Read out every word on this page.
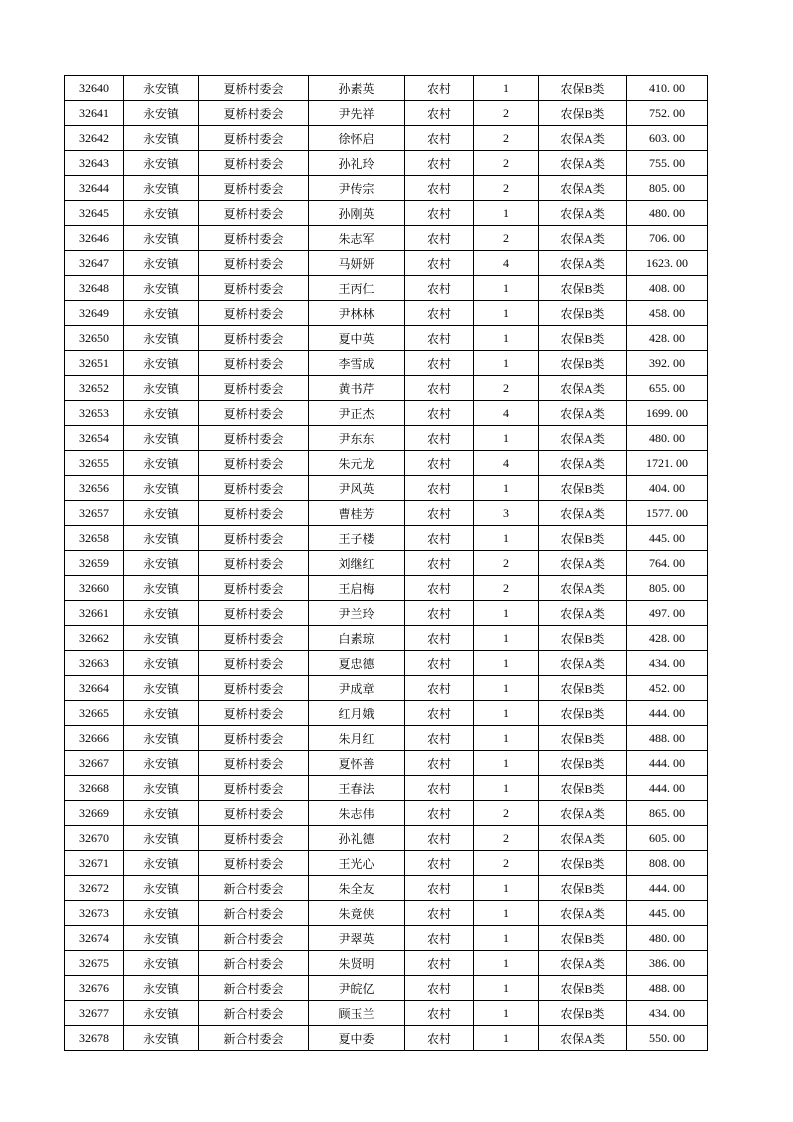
32640	永安镇	夏桥村委会	孙素英	农村	1	农保B类	410. 00
32641	永安镇	夏桥村委会	尹先祥	农村	2	农保B类	752. 00
32642	永安镇	夏桥村委会	徐怀启	农村	2	农保A类	603. 00
32643	永安镇	夏桥村委会	孙礼玲	农村	2	农保A类	755. 00
32644	永安镇	夏桥村委会	尹传宗	农村	2	农保A类	805. 00
32645	永安镇	夏桥村委会	孙刚英	农村	1	农保A类	480. 00
32646	永安镇	夏桥村委会	朱志军	农村	2	农保A类	706. 00
32647	永安镇	夏桥村委会	马妍妍	农村	4	农保A类	1623. 00
32648	永安镇	夏桥村委会	王丙仁	农村	1	农保B类	408. 00
32649	永安镇	夏桥村委会	尹林林	农村	1	农保B类	458. 00
32650	永安镇	夏桥村委会	夏中英	农村	1	农保B类	428. 00
32651	永安镇	夏桥村委会	李雪成	农村	1	农保B类	392. 00
32652	永安镇	夏桥村委会	黄书芹	农村	2	农保A类	655. 00
32653	永安镇	夏桥村委会	尹正杰	农村	4	农保A类	1699. 00
32654	永安镇	夏桥村委会	尹东东	农村	1	农保A类	480. 00
32655	永安镇	夏桥村委会	朱元龙	农村	4	农保A类	1721. 00
32656	永安镇	夏桥村委会	尹风英	农村	1	农保B类	404. 00
32657	永安镇	夏桥村委会	曹桂芳	农村	3	农保A类	1577. 00
32658	永安镇	夏桥村委会	王子楼	农村	1	农保B类	445. 00
32659	永安镇	夏桥村委会	刘继红	农村	2	农保A类	764. 00
32660	永安镇	夏桥村委会	王启梅	农村	2	农保A类	805. 00
32661	永安镇	夏桥村委会	尹兰玲	农村	1	农保A类	497. 00
32662	永安镇	夏桥村委会	白素琼	农村	1	农保B类	428. 00
32663	永安镇	夏桥村委会	夏忠德	农村	1	农保A类	434. 00
32664	永安镇	夏桥村委会	尹成章	农村	1	农保B类	452. 00
32665	永安镇	夏桥村委会	红月娥	农村	1	农保B类	444. 00
32666	永安镇	夏桥村委会	朱月红	农村	1	农保B类	488. 00
32667	永安镇	夏桥村委会	夏怀善	农村	1	农保B类	444. 00
32668	永安镇	夏桥村委会	王春法	农村	1	农保B类	444. 00
32669	永安镇	夏桥村委会	朱志伟	农村	2	农保A类	865. 00
32670	永安镇	夏桥村委会	孙礼德	农村	2	农保A类	605. 00
32671	永安镇	夏桥村委会	王光心	农村	2	农保B类	808. 00
32672	永安镇	新合村委会	朱全友	农村	1	农保B类	444. 00
32673	永安镇	新合村委会	朱竟侠	农村	1	农保A类	445. 00
32674	永安镇	新合村委会	尹翠英	农村	1	农保B类	480. 00
32675	永安镇	新合村委会	朱贤明	农村	1	农保A类	386. 00
32676	永安镇	新合村委会	尹皖亿	农村	1	农保B类	488. 00
32677	永安镇	新合村委会	顾玉兰	农村	1	农保B类	434. 00
32678	永安镇	新合村委会	夏中委	农村	1	农保A类	550. 00
